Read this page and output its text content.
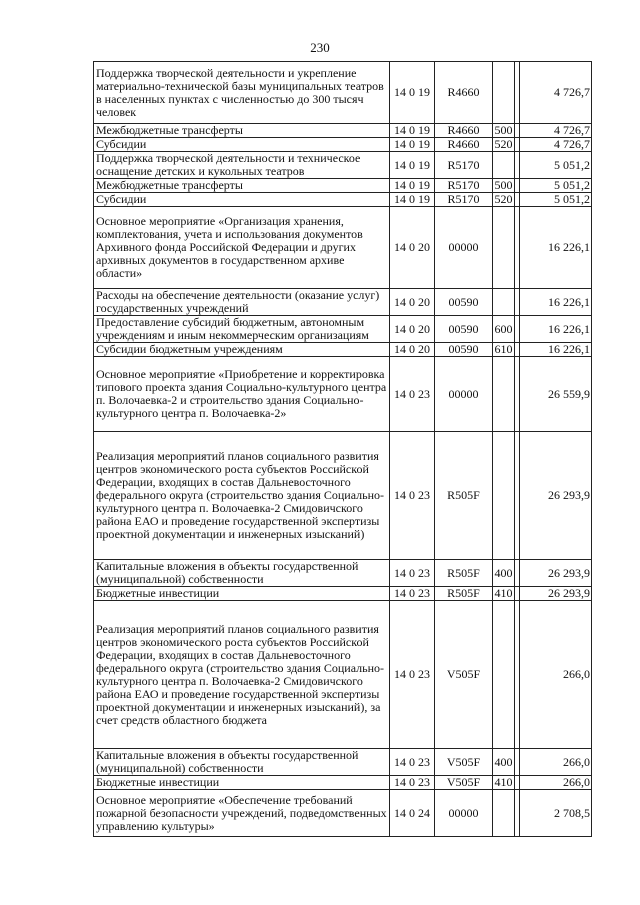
230
Поддержка творческой деятельности и укрепление материально-технической базы муниципальных театров в населенных пунктах с численностью до 300 тысяч человек	14 0 19	R4660			4 726,7
Межбюджетные трансферты	14 0 19	R4660	500		4 726,7
Субсидии	14 0 19	R4660	520		4 726,7
Поддержка творческой деятельности и техническое оснащение детских и кукольных театров	14 0 19	R5170			5 051,2
Межбюджетные трансферты	14 0 19	R5170	500		5 051,2
Субсидии	14 0 19	R5170	520		5 051,2
Основное мероприятие «Организация хранения, комплектования, учета и использования документов Архивного фонда Российской Федерации и других архивных документов в государственном архиве области»	14 0 20	00000			16 226,1
Расходы на обеспечение деятельности (оказание услуг) государственных учреждений	14 0 20	00590			16 226,1
Предоставление субсидий бюджетным, автономным учреждениям и иным некоммерческим организациям	14 0 20	00590	600		16 226,1
Субсидии бюджетным учреждениям	14 0 20	00590	610		16 226,1
Основное мероприятие «Приобретение и корректировка типового проекта здания Социально-культурного центра п. Волочаевка-2 и строительство здания Социально-культурного центра п. Волочаевка-2»	14 0 23	00000			26 559,9
Реализация мероприятий планов социального развития центров экономического роста субъектов Российской Федерации, входящих в состав Дальневосточного федерального округа (строительство здания Социально-культурного центра п. Волочаевка-2 Смидовичского района ЕАО и проведение государственной экспертизы проектной документации и инженерных изысканий)	14 0 23	R505F			26 293,9
Капитальные вложения в объекты государственной (муниципальной) собственности	14 0 23	R505F	400		26 293,9
Бюджетные инвестиции	14 0 23	R505F	410		26 293,9
Реализация мероприятий планов социального развития центров экономического роста субъектов Российской Федерации, входящих в состав Дальневосточного федерального округа (строительство здания Социально-культурного центра п. Волочаевка-2 Смидовичского района ЕАО и проведение государственной экспертизы проектной документации и инженерных изысканий), за счет средств областного бюджета	14 0 23	V505F			266,0
Капитальные вложения в объекты государственной (муниципальной) собственности	14 0 23	V505F	400		266,0
Бюджетные инвестиции	14 0 23	V505F	410		266,0
Основное мероприятие «Обеспечение требований пожарной безопасности учреждений, подведомственных управлению культуры»	14 0 24	00000			2 708,5
